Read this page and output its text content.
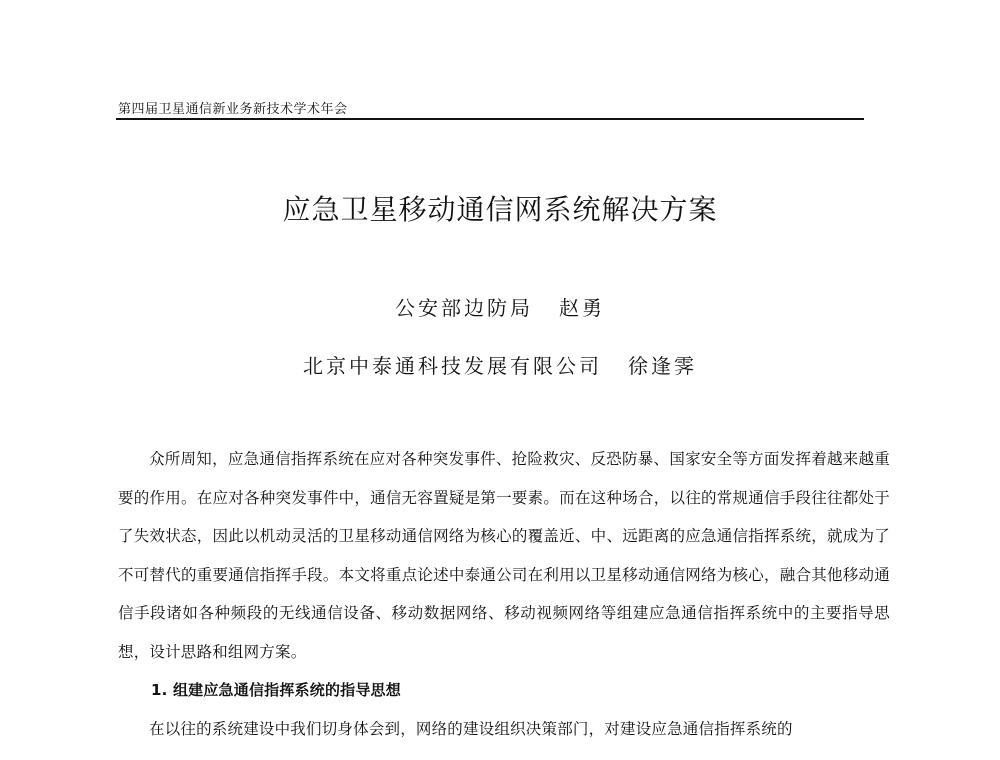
第四届卫星通信新业务新技术学术年会
应急卫星移动通信网系统解决方案
公安部边防局 赵勇
北京中泰通科技发展有限公司 徐逢霁

众所周知，应急通信指挥系统在应对各种突发事件、抢险救灾、反恐防暴、国家安全等方面发挥着越来越重要的作用。在应对各种突发事件中，通信无容置疑是第一要素。而在这种场合，以往的常规通信手段往往都处于了失效状态，因此以机动灵活的卫星移动通信网络为核心的覆盖近、中、远距离的应急通信指挥系统，就成为了不可替代的重要通信指挥手段。本文将重点论述中泰通公司在利用以卫星移动通信网络为核心，融合其他移动通信手段诸如各种频段的无线通信设备、移动数据网络、移动视频网络等组建应急通信指挥系统中的主要指导思想，设计思路和组网方案。

1. 组建应急通信指挥系统的指导思想

在以往的系统建设中我们切身体会到，网络的建设组织决策部门，对建设应急通信指挥系统的
